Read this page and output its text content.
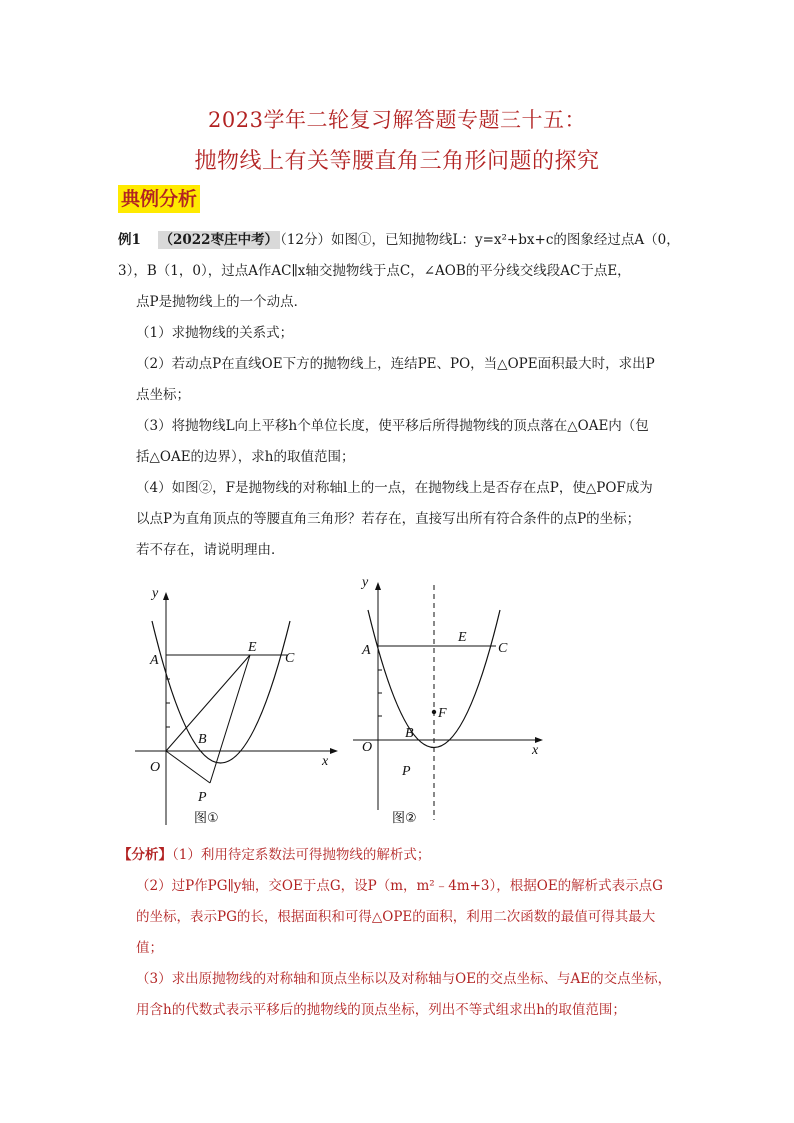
2023学年二轮复习解答题专题三十五：
抛物线上有关等腰直角三角形问题的探究
典例分析
例1 （2022枣庄中考） （12分）如图①，已知抛物线L：y=x²+bx+c的图象经过点A（0，
3），B（1，0），过点A作AC∥x轴交抛物线于点C，∠AOB的平分线交线段AC于点E，
点P是抛物线上的一个动点．
（1）求抛物线的关系式；
（2）若动点P在直线OE下方的抛物线上，连结PE、PO，当△OPE面积最大时，求出P
点坐标；
（3）将抛物线L向上平移h个单位长度，使平移后所得抛物线的顶点落在△OAE内（包
括△OAE的边界），求h的取值范围；
（4）如图②，F是抛物线的对称轴l上的一点，在抛物线上是否存在点P，使△POF成为
以点P为直角顶点的等腰直角三角形？若存在，直接写出所有符合条件的点P的坐标；
若不存在，请说明理由．
y
x
A
E
C
B
O
P
图①
y
x
A
E
C
B
F
O
P
图②
【分析】（1）利用待定系数法可得抛物线的解析式；
（2）过P作PG∥y轴，交OE于点G，设P（m，m²﹣4m+3），根据OE的解析式表示点G
的坐标，表示PG的长，根据面积和可得△OPE的面积，利用二次函数的最值可得其最大
值；
（3）求出原抛物线的对称轴和顶点坐标以及对称轴与OE的交点坐标、与AE的交点坐标，
用含h的代数式表示平移后的抛物线的顶点坐标，列出不等式组求出h的取值范围；
